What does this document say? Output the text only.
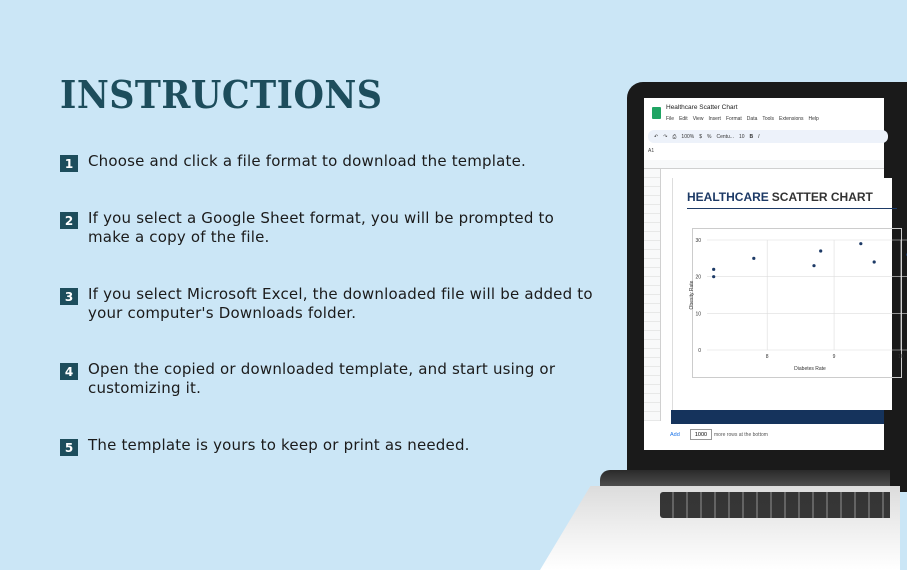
INSTRUCTIONS
1 Choose and click a file format to download the template.
2 If you select a Google Sheet format, you will be prompted to make a copy of the file.
3 If you select Microsoft Excel, the downloaded file will be added to your computer's Downloads folder.
4 Open the copied or downloaded template, and start using or customizing it.
5 The template is yours to keep or print as needed.
Healthcare Scatter Chart
File Edit View Insert Format Data Tools Extensions Help
↶ ↷ ⎙ 100% $ % Centu... 10 B I
A1
HEALTHCARE SCATTER CHART
0
10
20
30
8	9	10
Diabetes Rate
Obesity Rate
Add	1000	more rows at the bottom
